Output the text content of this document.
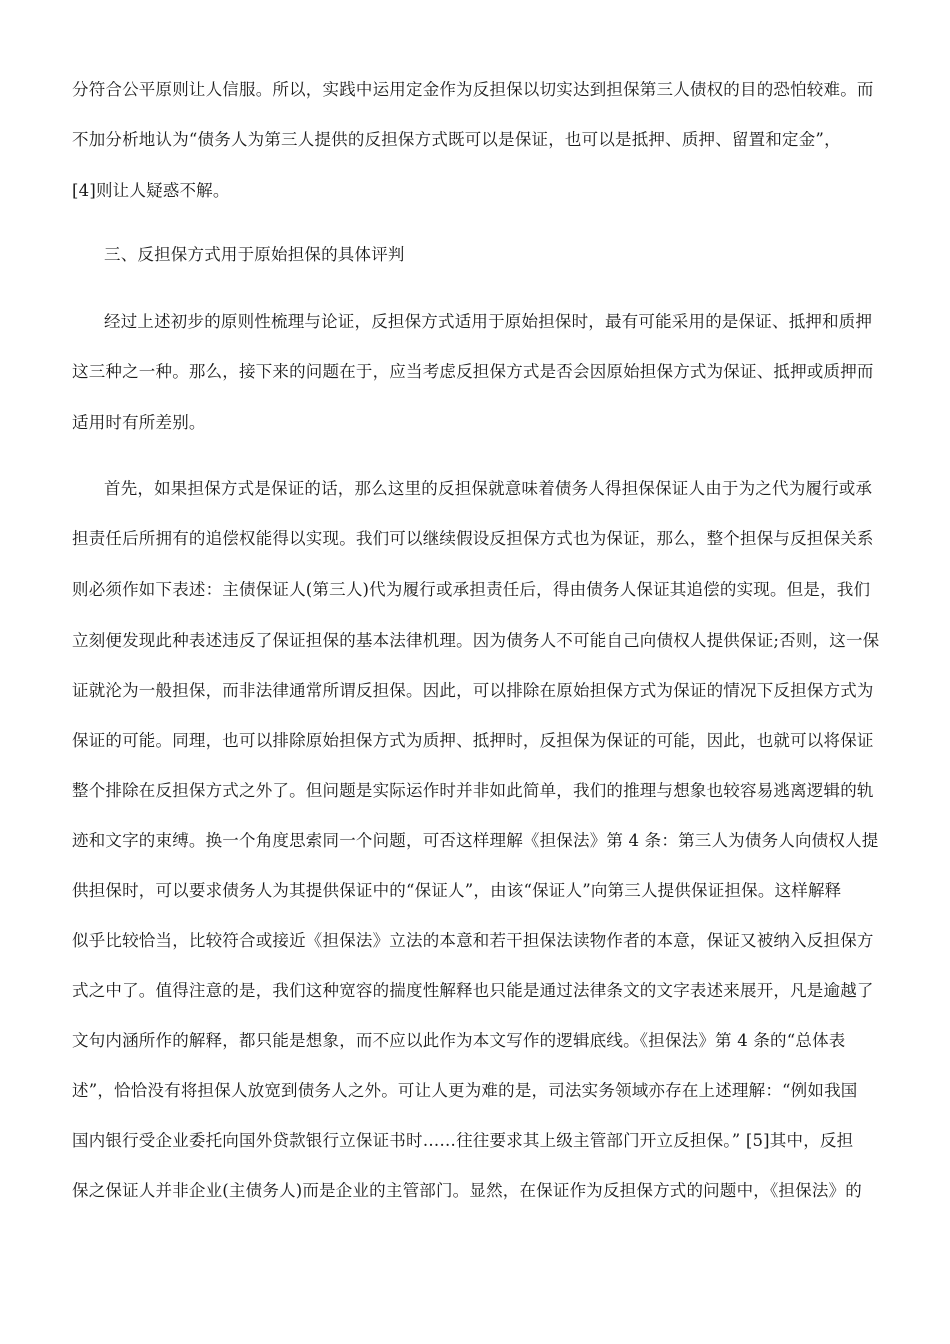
分符合公平原则让人信服。所以，实践中运用定金作为反担保以切实达到担保第三人债权的目的恐怕较难。而
不加分析地认为“债务人为第三人提供的反担保方式既可以是保证，也可以是抵押、质押、留置和定金”，
[4]则让人疑惑不解。
三、反担保方式用于原始担保的具体评判
经过上述初步的原则性梳理与论证，反担保方式适用于原始担保时，最有可能采用的是保证、抵押和质押
这三种之一种。那么，接下来的问题在于，应当考虑反担保方式是否会因原始担保方式为保证、抵押或质押而
适用时有所差别。
首先，如果担保方式是保证的话，那么这里的反担保就意味着债务人得担保保证人由于为之代为履行或承
担责任后所拥有的追偿权能得以实现。我们可以继续假设反担保方式也为保证，那么，整个担保与反担保关系
则必须作如下表述：主债保证人(第三人)代为履行或承担责任后，得由债务人保证其追偿的实现。但是，我们
立刻便发现此种表述违反了保证担保的基本法律机理。因为债务人不可能自己向债权人提供保证;否则，这一保
证就沦为一般担保，而非法律通常所谓反担保。因此，可以排除在原始担保方式为保证的情况下反担保方式为
保证的可能。同理，也可以排除原始担保方式为质押、抵押时，反担保为保证的可能，因此，也就可以将保证
整个排除在反担保方式之外了。但问题是实际运作时并非如此简单，我们的推理与想象也较容易逃离逻辑的轨
迹和文字的束缚。换一个角度思索同一个问题，可否这样理解《担保法》第 4 条：第三人为债务人向债权人提
供担保时，可以要求债务人为其提供保证中的“保证人”，由该“保证人”向第三人提供保证担保。这样解释
似乎比较恰当，比较符合或接近《担保法》立法的本意和若干担保法读物作者的本意，保证又被纳入反担保方
式之中了。值得注意的是，我们这种宽容的揣度性解释也只能是通过法律条文的文字表述来展开，凡是逾越了
文句内涵所作的解释，都只能是想象，而不应以此作为本文写作的逻辑底线。《担保法》第 4 条的“总体表
述”，恰恰没有将担保人放宽到债务人之外。可让人更为难的是，司法实务领域亦存在上述理解：“例如我国
国内银行受企业委托向国外贷款银行立保证书时……往往要求其上级主管部门开立反担保。” [5]其中，反担
保之保证人并非企业(主债务人)而是企业的主管部门。显然，在保证作为反担保方式的问题中，《担保法》的
